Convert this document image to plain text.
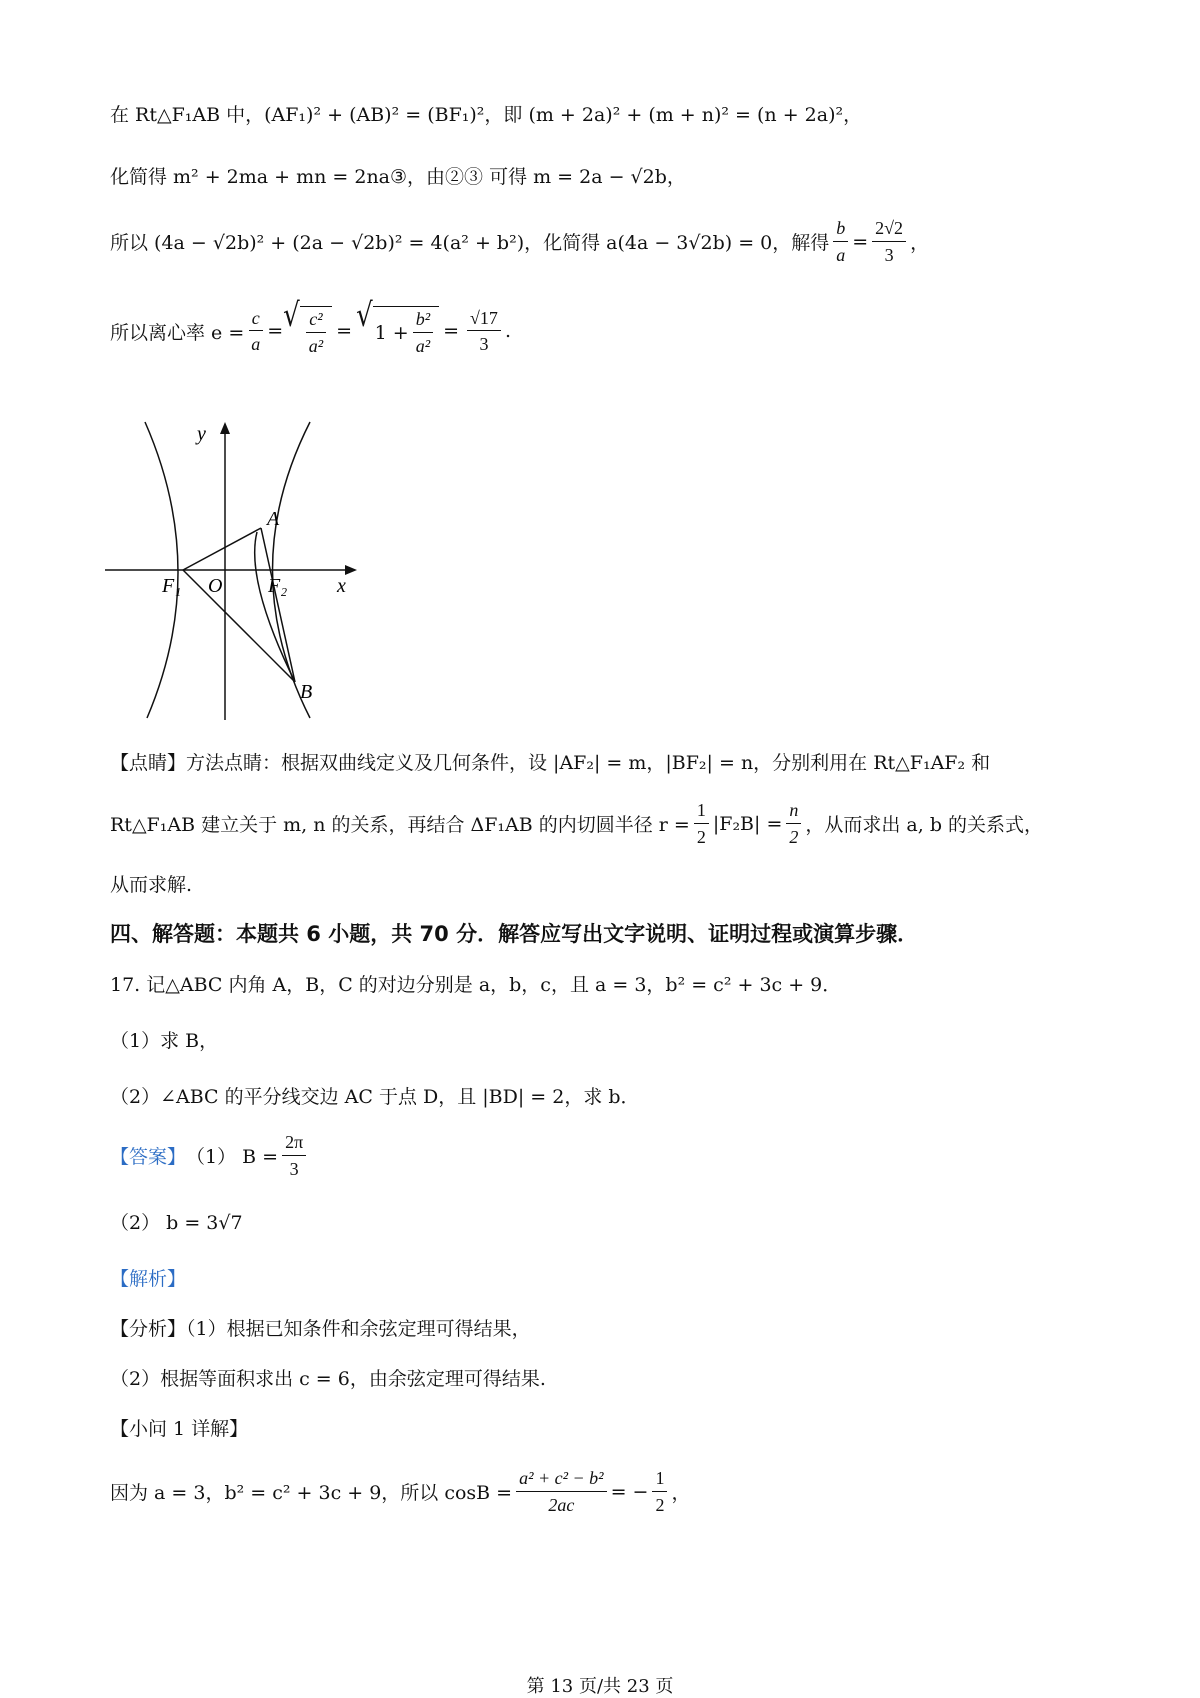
在 Rt△F₁AB 中，(AF₁)² + (AB)² = (BF₁)²，即 (m + 2a)² + (m + n)² = (n + 2a)²，
化简得 m² + 2ma + mn = 2na③，由②③ 可得 m = 2a − √2b，
所以 (4a − √2b)² + (2a − √2b)² = 4(a² + b²)，化简得 a(4a − 3√2b) = 0，解得 $\frac{b}{a} = \frac{2√2}{3}$ ，
所以离心率 $e = \frac{c}{a}$ = √ $\frac{\text{c²}}{\text{a²}}$ = √ $1 + \frac{\text{b²}}{\text{a²}} = \frac{√17}{3}$ .
y
x
O
F₁	F₂
A
B
【点睛】方法点睛：根据双曲线定义及几何条件，设 |AF₂| = m，|BF₂| = n，分别利用在 Rt△F₁AF₂ 和
Rt△F₁AB 建立关于 m, n 的关系，再结合 ΔF₁AB 的内切圆半径 $r = \frac{1}{2} |F_2B| = \frac{n}{2}$ ，从而求出 a, b 的关系式，
从而求解.
四、解答题：本题共 6 小题，共 70 分．解答应写出文字说明、证明过程或演算步骤．
17. 记△ABC 内角 A，B，C 的对边分别是 a，b，c，且 a = 3，b² = c² + 3c + 9．
（1）求 B，
（2）∠ABC 的平分线交边 AC 于点 D，且 |BD| = 2，求 b．
【答案】 （1） $B = \frac{2\pi}{3}$
（2） b = 3√7
【解析】
【分析】（1）根据已知条件和余弦定理可得结果，
（2）根据等面积求出 c = 6，由余弦定理可得结果.
【小问 1 详解】
因为 a = 3，b² = c² + 3c + 9，所以 $\cos B = \frac{\text{a² + c² − b²}}{2ac}$ = − $\frac{1}{2}$ ，
第 13 页/共 23 页
